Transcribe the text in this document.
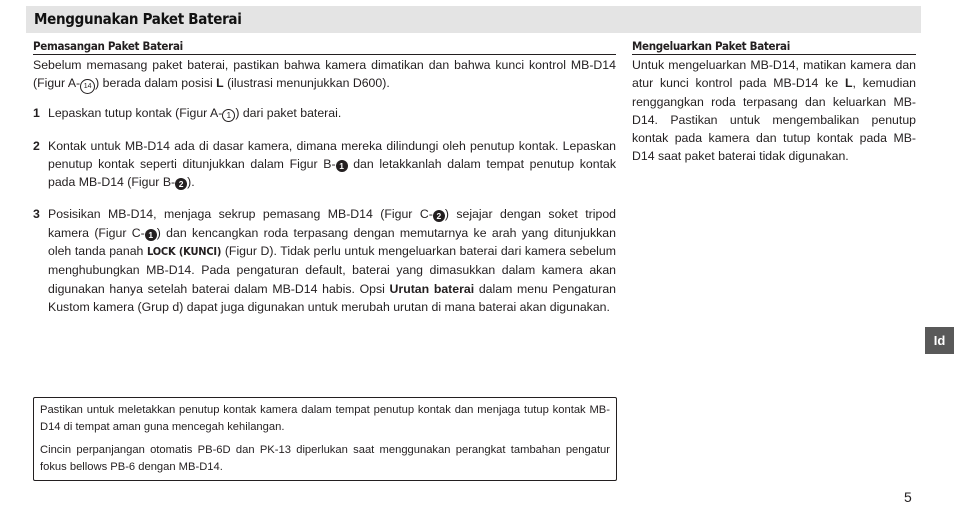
Menggunakan Paket Baterai
Pemasangan Paket Baterai

Sebelum memasang paket baterai, pastikan bahwa kamera dimatikan dan bahwa kunci kontrol MB-D14 (Figur A- 14 ) berada dalam posisi L (ilustrasi menunjukkan D600).

1 Lepaskan tutup kontak (Figur A- 1 ) dari paket baterai.

2 Kontak untuk MB-D14 ada di dasar kamera, dimana mereka dilindungi oleh penutup kontak. Lepaskan penutup kontak seperti ditunjukkan dalam Figur B- 1 dan letakkanlah dalam tempat penutup kontak pada MB-D14 (Figur B- 2 ).

3 Posisikan MB-D14, menjaga sekrup pemasang MB-D14 (Figur C- 2 ) sejajar dengan soket tripod kamera (Figur C- 1 ) dan kencangkan roda terpasang dengan memutarnya ke arah yang ditunjukkan oleh tanda panah LOCK (KUNCI) (Figur D). Tidak perlu untuk mengeluarkan baterai dari kamera sebelum menghubungkan MB-D14. Pada pengaturan default, baterai yang dimasukkan dalam kamera akan digunakan hanya setelah baterai dalam MB-D14 habis. Opsi Urutan baterai dalam menu Pengaturan Kustom kamera (Grup d) dapat juga digunakan untuk merubah urutan di mana baterai akan digunakan.

Mengeluarkan Paket Baterai

Untuk mengeluarkan MB-D14, matikan kamera dan atur kunci kontrol pada MB-D14 ke L, kemudian renggangkan roda terpasang dan keluarkan MB-D14. Pastikan untuk mengembalikan penutup kontak pada kamera dan tutup kontak pada MB-D14 saat paket baterai tidak digunakan.

Pastikan untuk meletakkan penutup kontak kamera dalam tempat penutup kontak dan menjaga tutup kontak MB-D14 di tempat aman guna mencegah kehilangan.

Cincin perpanjangan otomatis PB-6D dan PK-13 diperlukan saat menggunakan perangkat tambahan pengatur fokus bellows PB-6 dengan MB-D14.

Id
5
